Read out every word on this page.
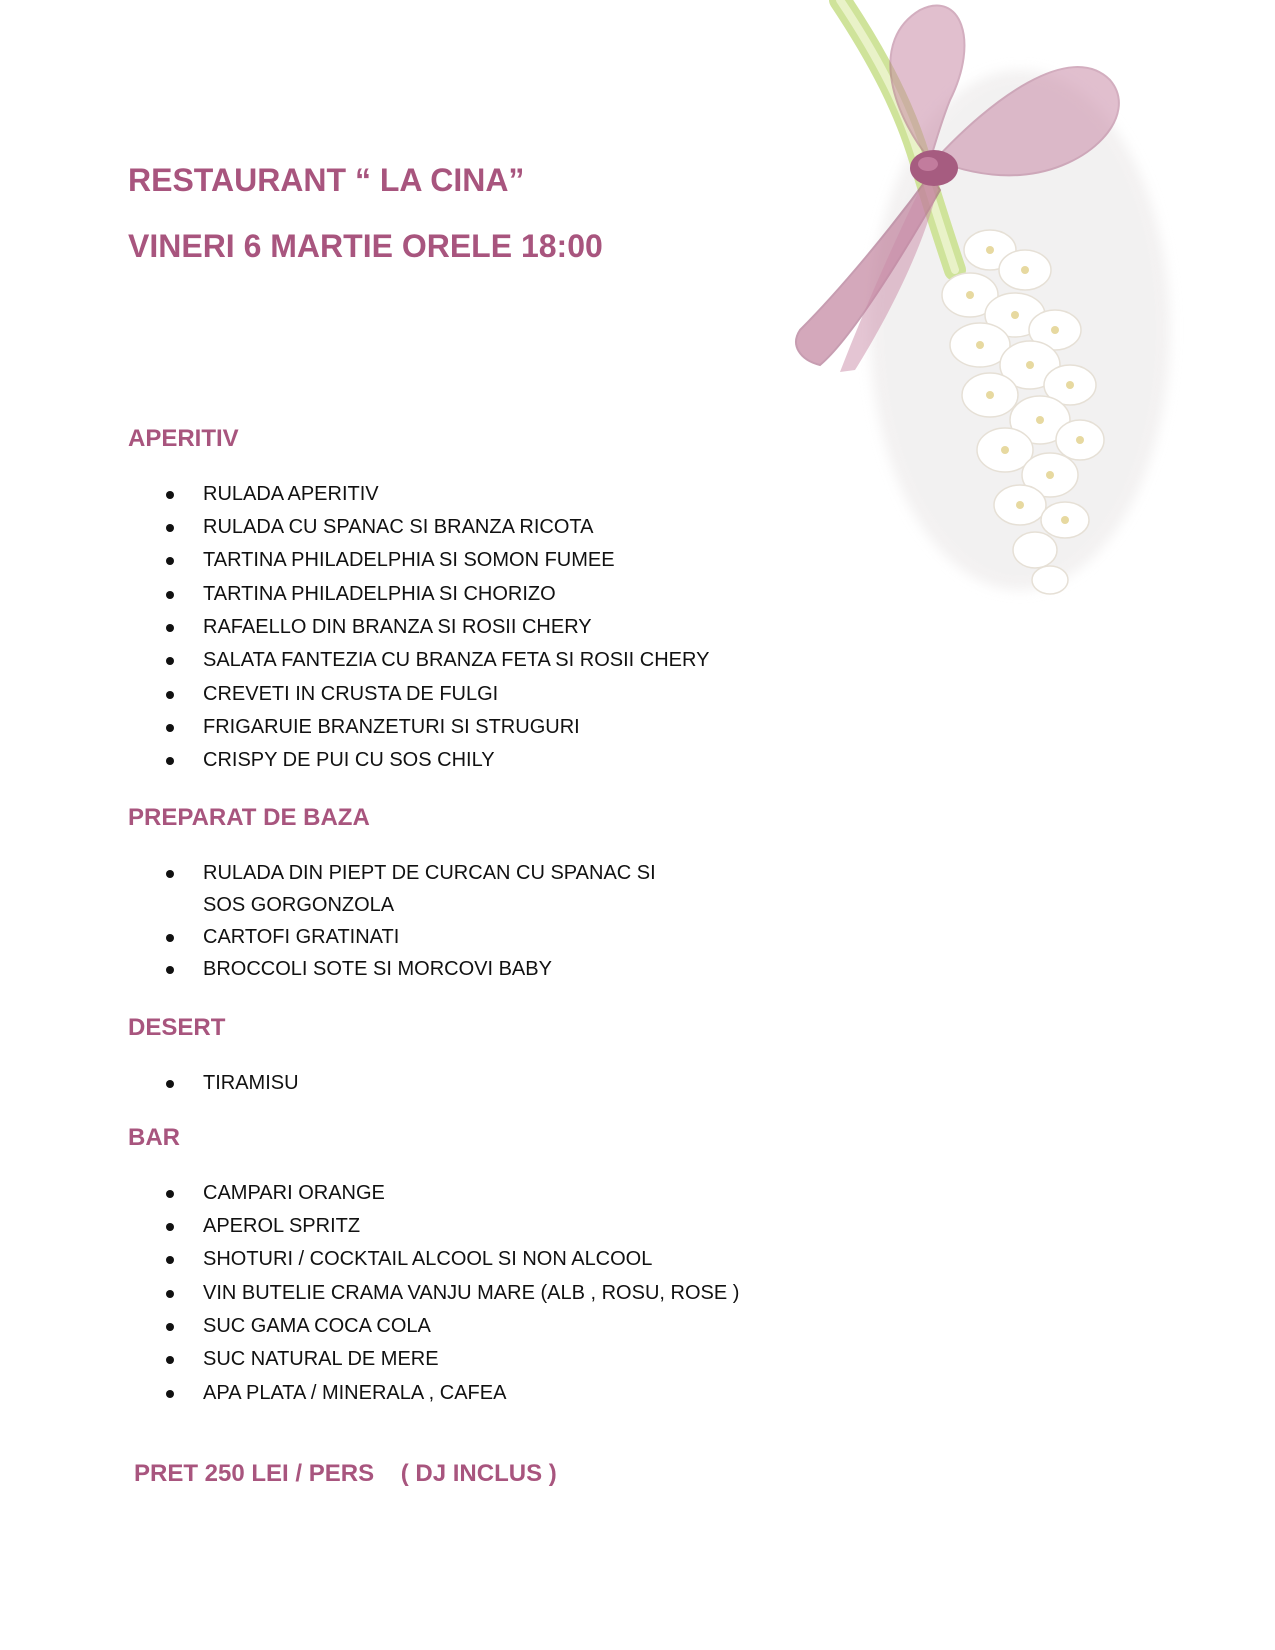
RESTAURANT “ LA CINA”
VINERI 6 MARTIE ORELE 18:00
APERITIV
RULADA APERITIV
RULADA CU SPANAC SI BRANZA RICOTA
TARTINA PHILADELPHIA SI SOMON FUMEE
TARTINA PHILADELPHIA SI CHORIZO
RAFAELLO DIN BRANZA SI ROSII CHERY
SALATA FANTEZIA CU BRANZA FETA SI ROSII CHERY
CREVETI IN CRUSTA DE FULGI
FRIGARUIE BRANZETURI SI STRUGURI
CRISPY DE PUI CU SOS CHILY
PREPARAT DE BAZA
RULADA DIN PIEPT DE CURCAN CU SPANAC SI SOS GORGONZOLA
CARTOFI GRATINATI
BROCCOLI SOTE SI MORCOVI BABY
DESERT
TIRAMISU
BAR
CAMPARI ORANGE
APEROL SPRITZ
SHOTURI / COCKTAIL ALCOOL SI NON ALCOOL
VIN BUTELIE CRAMA VANJU MARE (ALB , ROSU, ROSE )
SUC GAMA COCA COLA
SUC NATURAL DE MERE
APA PLATA / MINERALA , CAFEA
PRET 250 LEI / PERS    ( DJ INCLUS )
